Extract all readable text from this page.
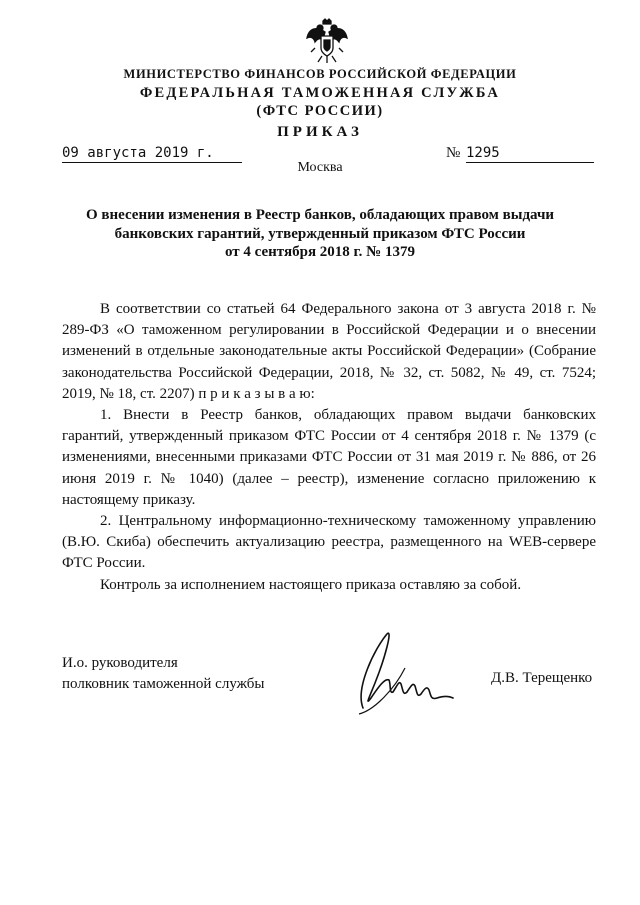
МИНИСТЕРСТВО ФИНАНСОВ РОССИЙСКОЙ ФЕДЕРАЦИИ
ФЕДЕРАЛЬНАЯ ТАМОЖЕННАЯ СЛУЖБА
(ФТС РОССИИ)
ПРИКАЗ
09 августа 2019 г.	№ 1295
Москва
О внесении изменения в Реестр банков, обладающих правом выдачи
банковских гарантий, утвержденный приказом ФТС России
от 4 сентября 2018 г. № 1379

В соответствии со статьей 64 Федерального закона от 3 августа 2018 г. № 289-ФЗ «О таможенном регулировании в Российской Федерации и о внесении изменений в отдельные законодательные акты Российской Федерации» (Собрание законодательства Российской Федерации, 2018, № 32, ст. 5082, № 49, ст. 7524; 2019, № 18, ст. 2207) п р и к а з ы в а ю:

1. Внести в Реестр банков, обладающих правом выдачи банковских гарантий, утвержденный приказом ФТС России от 4 сентября 2018 г. № 1379 (с изменениями, внесенными приказами ФТС России от 31 мая 2019 г. № 886, от 26 июня 2019 г. № 1040) (далее – реестр), изменение согласно приложению к настоящему приказу.

2. Центральному информационно-техническому таможенному управлению (В.Ю. Скиба) обеспечить актуализацию реестра, размещенного на WEB-сервере ФТС России.

Контроль за исполнением настоящего приказа оставляю за собой.
И.о. руководителя
полковник таможенной службы	Д.В. Терещенко
